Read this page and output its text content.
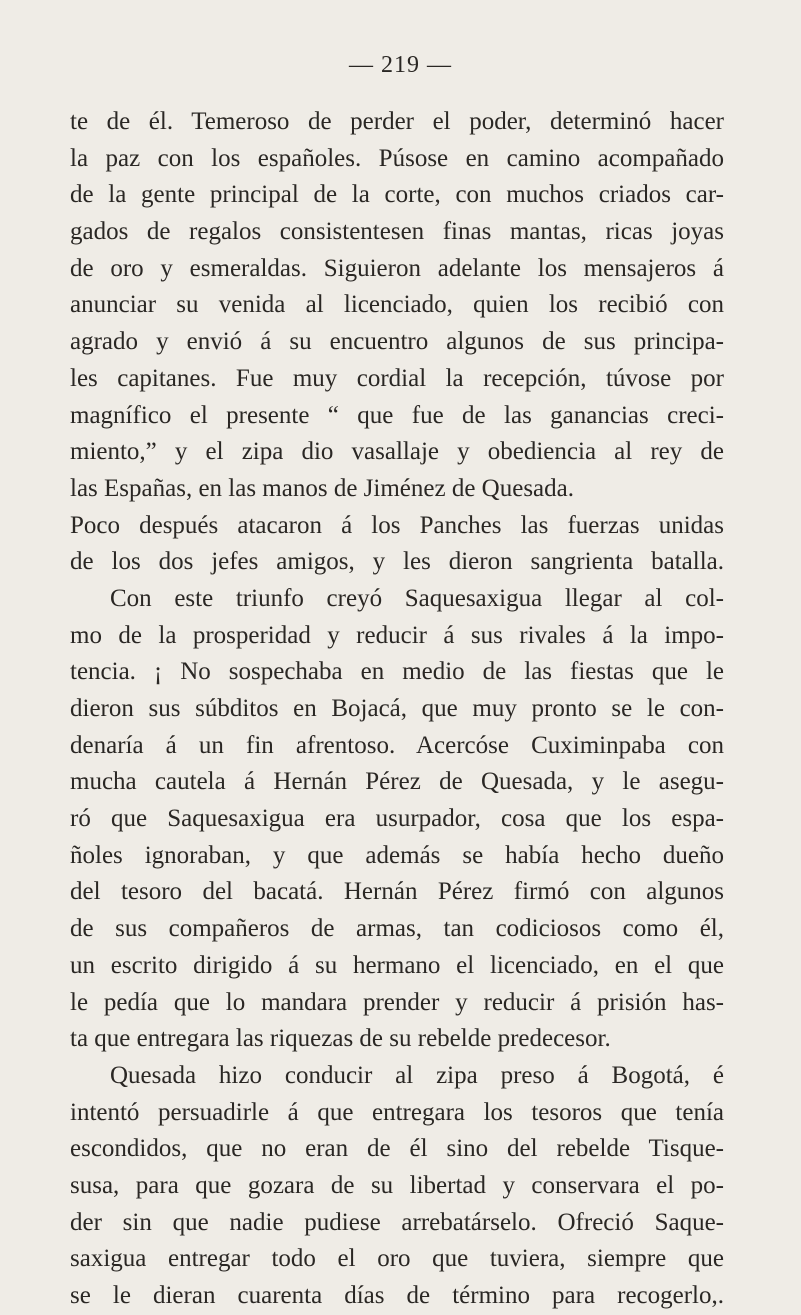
— 219 —
te de él. Temeroso de perder el poder, determinó hacer
la paz con los españoles. Púsose en camino acompañado
de la gente principal de la corte, con muchos criados car-
gados de regalos consistentesen finas mantas, ricas joyas
de oro y esmeraldas. Siguieron adelante los mensajeros á
anunciar su venida al licenciado, quien los recibió con
agrado y envió á su encuentro algunos de sus principa-
les capitanes. Fue muy cordial la recepción, túvose por
magnífico el presente “ que fue de las ganancias creci-
miento,” y el zipa dio vasallaje y obediencia al rey de
las Españas, en las manos de Jiménez de Quesada.
Poco después atacaron á los Panches las fuerzas unidas
de los dos jefes amigos, y les dieron sangrienta batalla.
Con este triunfo creyó Saquesaxigua llegar al col-
mo de la prosperidad y reducir á sus rivales á la impo-
tencia. ¡ No sospechaba en medio de las fiestas que le
dieron sus súbditos en Bojacá, que muy pronto se le con-
denaría á un fin afrentoso. Acercóse Cuximinpaba con
mucha cautela á Hernán Pérez de Quesada, y le asegu-
ró que Saquesaxigua era usurpador, cosa que los espa-
ñoles ignoraban, y que además se había hecho dueño
del tesoro del bacatá. Hernán Pérez firmó con algunos
de sus compañeros de armas, tan codiciosos como él,
un escrito dirigido á su hermano el licenciado, en el que
le pedía que lo mandara prender y reducir á prisión has-
ta que entregara las riquezas de su rebelde predecesor.
Quesada hizo conducir al zipa preso á Bogotá, é
intentó persuadirle á que entregara los tesoros que tenía
escondidos, que no eran de él sino del rebelde Tisque-
susa, para que gozara de su libertad y conservara el po-
der sin que nadie pudiese arrebatárselo. Ofreció Saque-
saxigua entregar todo el oro que tuviera, siempre que
se le dieran cuarenta días de término para recogerlo,.
